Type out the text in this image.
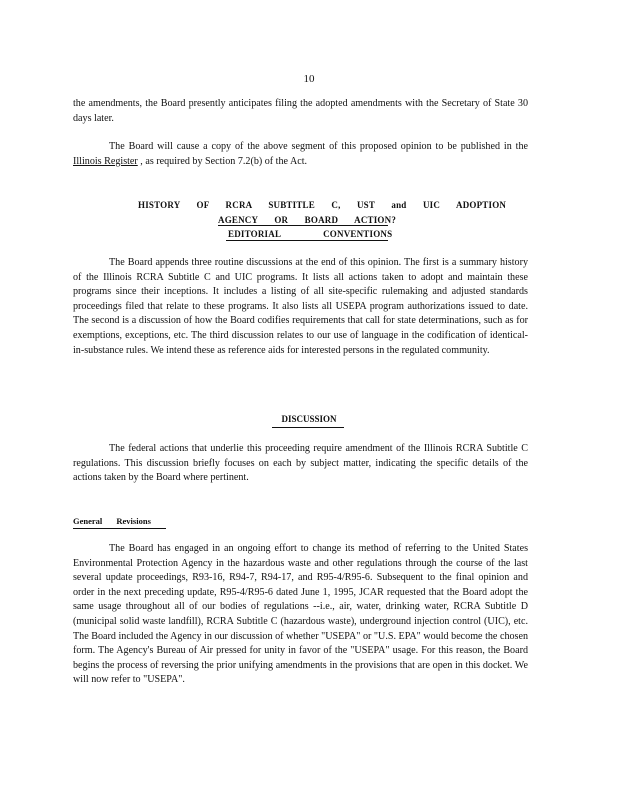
10

the amendments, the Board presently anticipates filing the adopted amendments with the Secretary of State 30 days later.

The Board will cause a copy of the above segment of this proposed opinion to be published in the Illinois Register , as required by Section 7.2(b) of the Act.

HISTORY OF RCRA SUBTITLE C, UST and UIC ADOPTION
AGENCY OR BOARD ACTION?
EDITORIAL CONVENTIONS

The Board appends three routine discussions at the end of this opinion. The first is a summary history of the Illinois RCRA Subtitle C and UIC programs. It lists all actions taken to adopt and maintain these programs since their inceptions. It includes a listing of all site-specific rulemaking and adjusted standards proceedings filed that relate to these programs. It also lists all USEPA program authorizations issued to date. The second is a discussion of how the Board codifies requirements that call for state determinations, such as for exemptions, exceptions, etc. The third discussion relates to our use of language in the codification of identical-in-substance rules. We intend these as reference aids for interested persons in the regulated community.

DISCUSSION

The federal actions that underlie this proceeding require amendment of the Illinois RCRA Subtitle C regulations. This discussion briefly focuses on each by subject matter, indicating the specific details of the actions taken by the Board where pertinent.

General Revisions

The Board has engaged in an ongoing effort to change its method of referring to the United States Environmental Protection Agency in the hazardous waste and other regulations through the course of the last several update proceedings, R93-16, R94-7, R94-17, and R95-4/R95-6. Subsequent to the final opinion and order in the next preceding update, R95-4/R95-6 dated June 1, 1995, JCAR requested that the Board adopt the same usage throughout all of our bodies of regulations --i.e., air, water, drinking water, RCRA Subtitle D (municipal solid waste landfill), RCRA Subtitle C (hazardous waste), underground injection control (UIC), etc. The Board included the Agency in our discussion of whether "USEPA" or "U.S. EPA" would become the chosen form. The Agency's Bureau of Air pressed for unity in favor of the "USEPA" usage. For this reason, the Board begins the process of reversing the prior unifying amendments in the provisions that are open in this docket. We will now refer to "USEPA".
